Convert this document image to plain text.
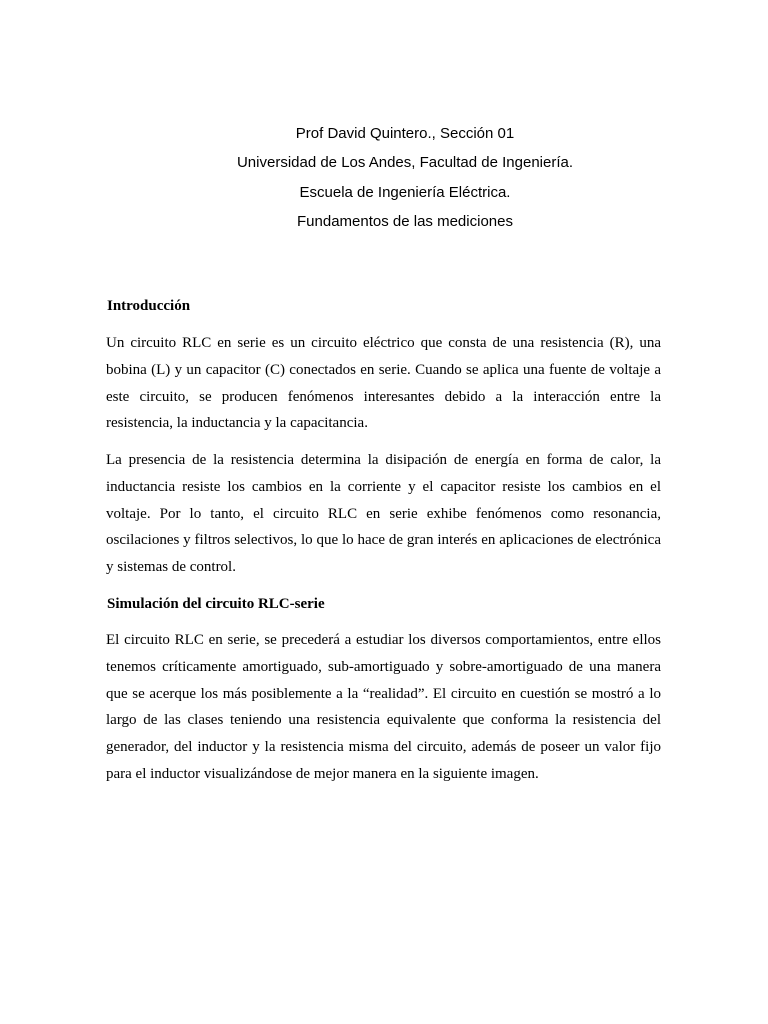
Prof David Quintero., Sección 01
Universidad de Los Andes, Facultad de Ingeniería.
Escuela de Ingeniería Eléctrica.
Fundamentos de las mediciones
Introducción

Un circuito RLC en serie es un circuito eléctrico que consta de una resistencia (R), una bobina (L) y un capacitor (C) conectados en serie. Cuando se aplica una fuente de voltaje a este circuito, se producen fenómenos interesantes debido a la interacción entre la resistencia, la inductancia y la capacitancia.

La presencia de la resistencia determina la disipación de energía en forma de calor, la inductancia resiste los cambios en la corriente y el capacitor resiste los cambios en el voltaje. Por lo tanto, el circuito RLC en serie exhibe fenómenos como resonancia, oscilaciones y filtros selectivos, lo que lo hace de gran interés en aplicaciones de electrónica y sistemas de control.

Simulación del circuito RLC-serie

El circuito RLC en serie, se precederá a estudiar los diversos comportamientos, entre ellos tenemos críticamente amortiguado, sub-amortiguado y sobre-amortiguado de una manera que se acerque los más posiblemente a la “realidad”. El circuito en cuestión se mostró a lo largo de las clases teniendo una resistencia equivalente que conforma la resistencia del generador, del inductor y la resistencia misma del circuito, además de poseer un valor fijo para el inductor visualizándose de mejor manera en la siguiente imagen.
